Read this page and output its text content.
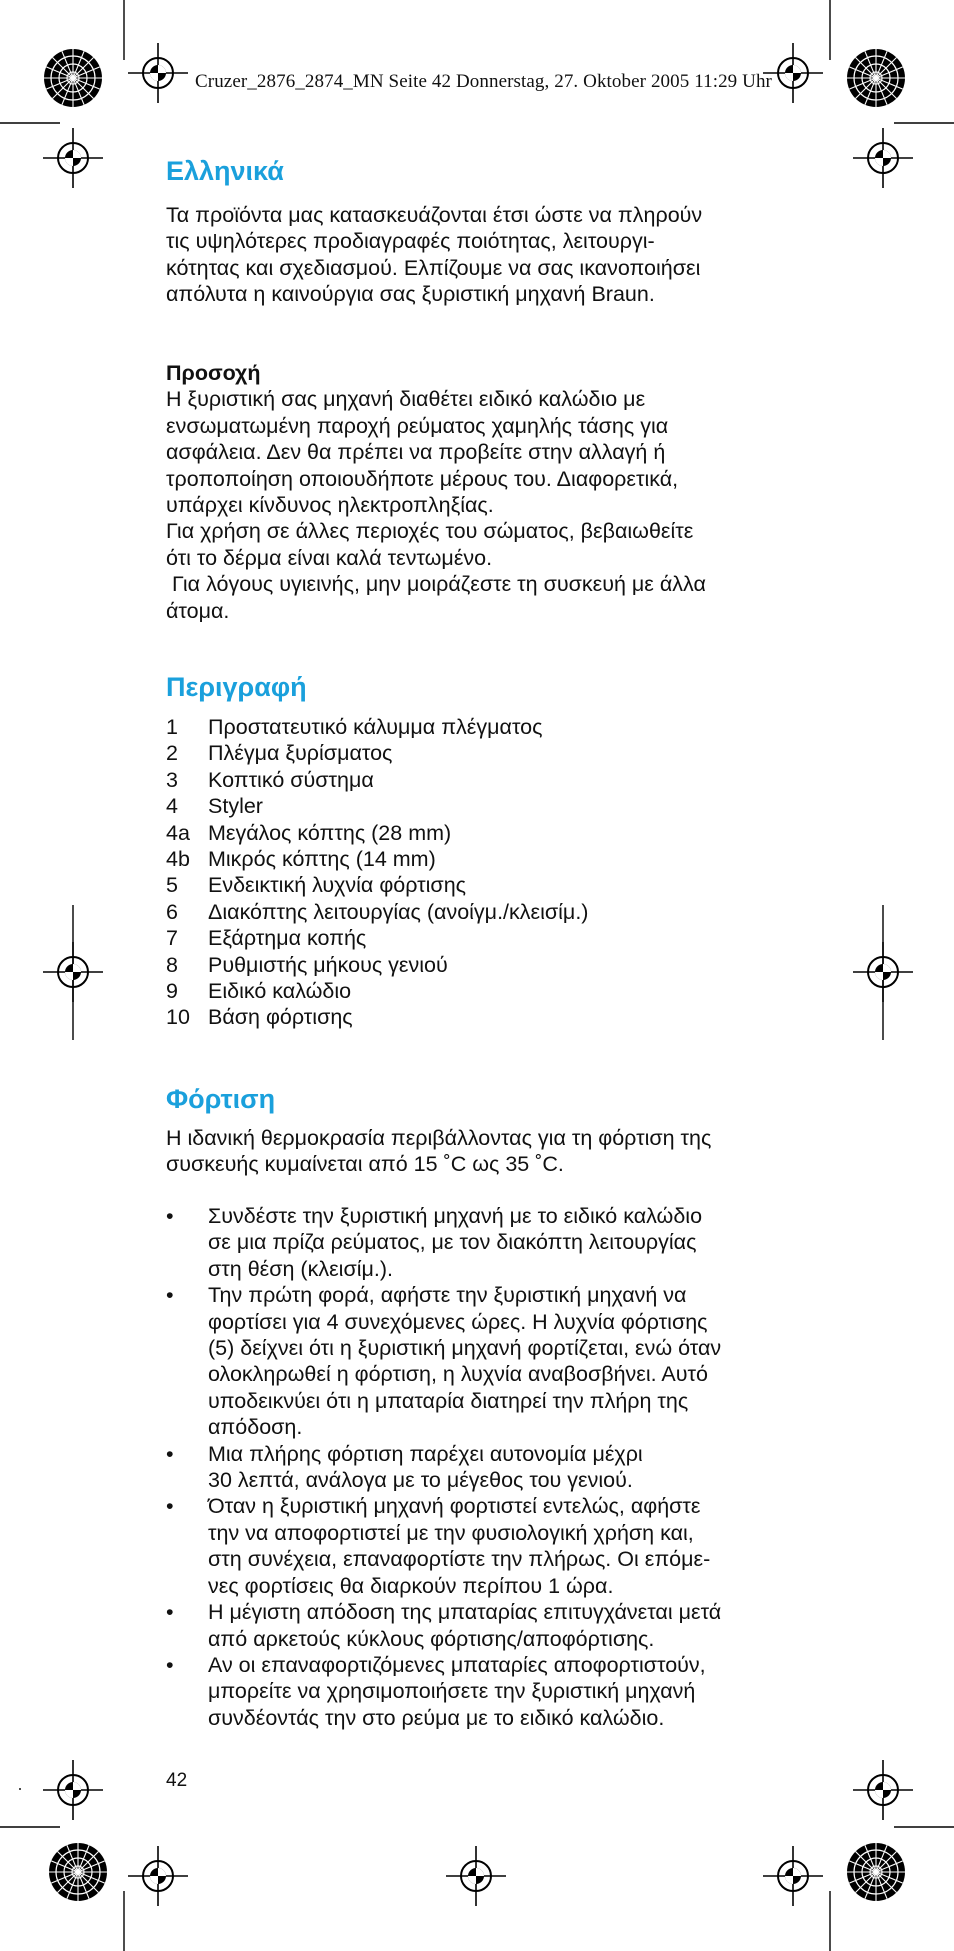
Cruzer_2876_2874_MN Seite 42 Donnerstag, 27. Oktober 2005 11:29 Uhr
Ελληνικά

Τα προϊόντα μας κατασκευάζονται έτσι ώστε να πληρούν
τις υψηλότερες προδιαγραφές ποιότητας, λειτουργι-
κότητας και σχεδιασμού. Ελπίζουμε να σας ικανοποιήσει
απόλυτα η καινούργια σας ξυριστική μηχανή Braun.

Προσοχή
Η ξυριστική σας μηχανή διαθέτει ειδικό καλώδιο με
ενσωματωμένη παροχή ρεύματος χαμηλής τάσης για
ασφάλεια. Δεν θα πρέπει να προβείτε στην αλλαγή ή
τροποποίηση οποιουδήποτε μέρους του. Διαφορετικά,
υπάρχει κίνδυνος ηλεκτροπληξίας.
Για χρήση σε άλλες περιοχές του σώματος, βεβαιωθείτε
ότι το δέρμα είναι καλά τεντωμένο.
Για λόγους υγιεινής, μην μοιράζεστε τη συσκευή με άλλα
άτομα.

Περιγραφή
1	Προστατευτικό κάλυμμα πλέγματος
2	Πλέγμα ξυρίσματος
3	Κοπτικό σύστημα
4	Styler
4a Μεγάλος κόπτης (28 mm)
4b Μικρός κόπτης (14 mm)
5	Ενδεικτική λυχνία φόρτισης
6	Διακόπτης λειτουργίας (ανοίγμ./κλεισίμ.)
7	Εξάρτημα κοπής
8	Ρυθμιστής μήκους γενιού
9	Ειδικό καλώδιο
10 Βάση φόρτισης
Φόρτιση

Η ιδανική θερμοκρασία περιβάλλοντας για τη φόρτιση της
συσκευής κυμαίνεται από 15 ˚C ως 35 ˚C.

•	Συνδέστε την ξυριστική μηχανή με το ειδικό καλώδιο
σε μια πρίζα ρεύματος, με τον διακόπτη λειτουργίας
στη θέση (κλεισίμ.).
•	Την πρώτη φορά, αφήστε την ξυριστική μηχανή να
φορτίσει για 4 συνεχόμενες ώρες. Η λυχνία φόρτισης
(5) δείχνει ότι η ξυριστική μηχανή φορτίζεται, ενώ όταν
ολοκληρωθεί η φόρτιση, η λυχνία αναβοσβήνει. Αυτό
υποδεικνύει ότι η μπαταρία διατηρεί την πλήρη της
απόδοση.
•	Μια πλήρης φόρτιση παρέχει αυτονομία μέχρι
30 λεπτά, ανάλογα με το μέγεθος του γενιού.
•	Όταν η ξυριστική μηχανή φορτιστεί εντελώς, αφήστε
την να αποφορτιστεί με την φυσιολογική χρήση και,
στη συνέχεια, επαναφορτίστε την πλήρως. Οι επόμε-
νες φορτίσεις θα διαρκούν περίπου 1 ώρα.
•	Η μέγιστη απόδοση της μπαταρίας επιτυγχάνεται μετά
από αρκετούς κύκλους φόρτισης/αποφόρτισης.
•	Αν οι επαναφορτιζόμενες μπαταρίες αποφορτιστούν,
μπορείτε να χρησιμοποιήσετε την ξυριστική μηχανή
συνδέοντάς την στο ρεύμα με το ειδικό καλώδιο.
42
